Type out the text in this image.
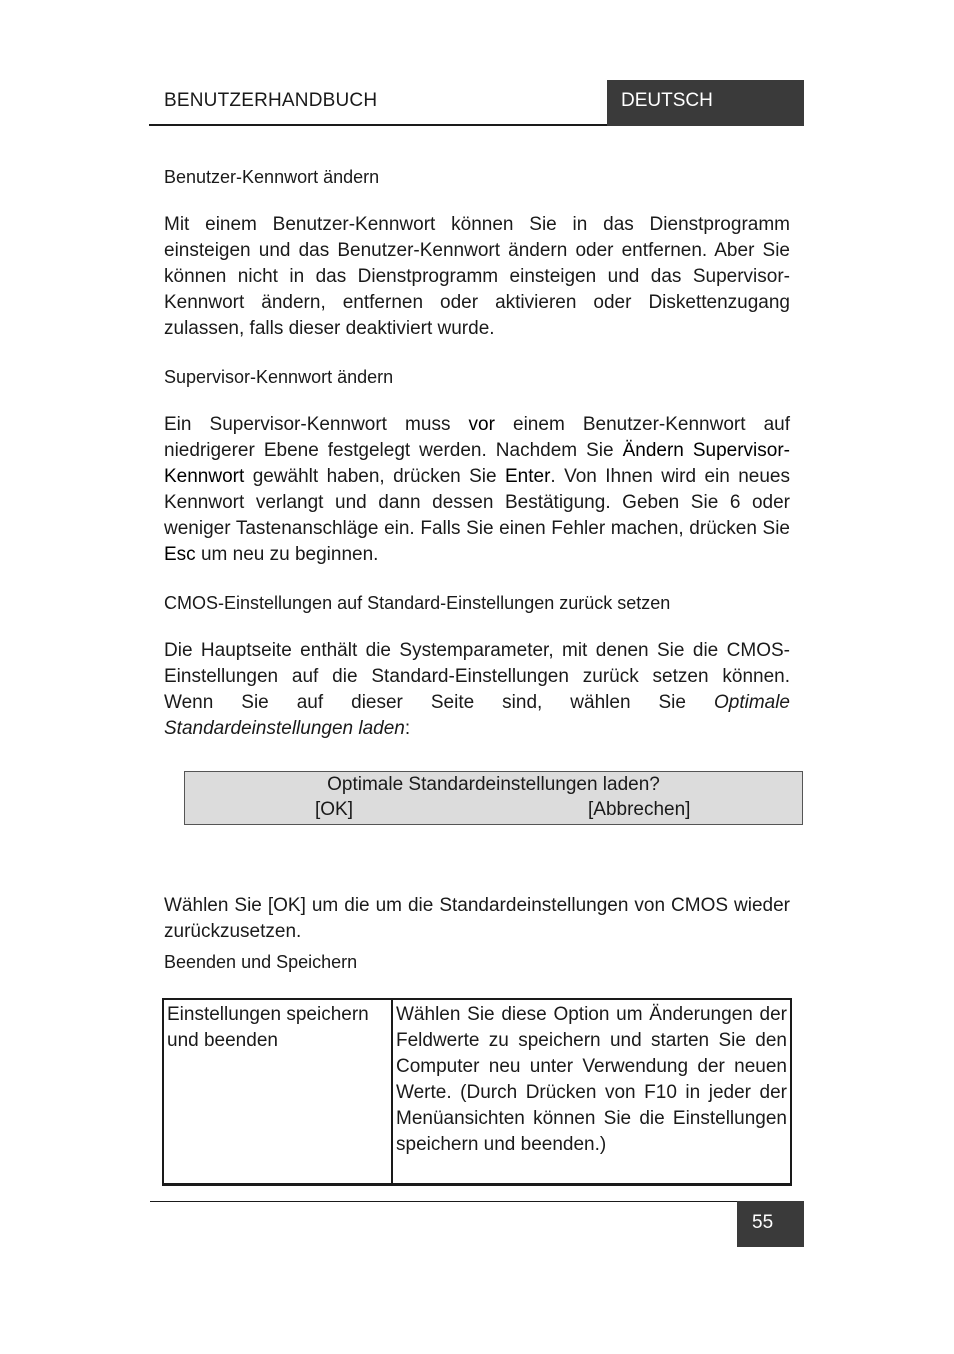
BENUTZERHANDBUCH	DEUTSCH
Benutzer-Kennwort ändern

Mit einem Benutzer-Kennwort können Sie in das Dienstprogramm einsteigen und das Benutzer-Kennwort ändern oder entfernen. Aber Sie können nicht in das Dienstprogramm einsteigen und das Supervisor-Kennwort ändern, entfernen oder aktivieren oder Diskettenzugang zulassen, falls dieser deaktiviert wurde.

Supervisor-Kennwort ändern

Ein Supervisor-Kennwort muss vor einem Benutzer-Kennwort auf niedrigerer Ebene festgelegt werden. Nachdem Sie Ändern Supervisor-Kennwort gewählt haben, drücken Sie Enter. Von Ihnen wird ein neues Kennwort verlangt und dann dessen Bestätigung. Geben Sie 6 oder weniger Tastenanschläge ein. Falls Sie einen Fehler machen, drücken Sie Esc um neu zu beginnen.

CMOS-Einstellungen auf Standard-Einstellungen zurück setzen

Die Hauptseite enthält die Systemparameter, mit denen Sie die CMOS-Einstellungen auf die Standard-Einstellungen zurück setzen können. Wenn Sie auf dieser Seite sind, wählen Sie Optimale Standardeinstellungen laden:

Optimale Standardeinstellungen laden?
[OK]	[Abbrechen]

Wählen Sie [OK] um die um die Standardeinstellungen von CMOS wieder zurückzusetzen.

Beenden und Speichern
Einstellungen speichern und beenden	Wählen Sie diese Option um Änderungen der Feldwerte zu speichern und starten Sie den Computer neu unter Verwendung der neuen Werte. (Durch Drücken von F10 in jeder der Menüansichten können Sie die Einstellungen speichern und beenden.)
55
